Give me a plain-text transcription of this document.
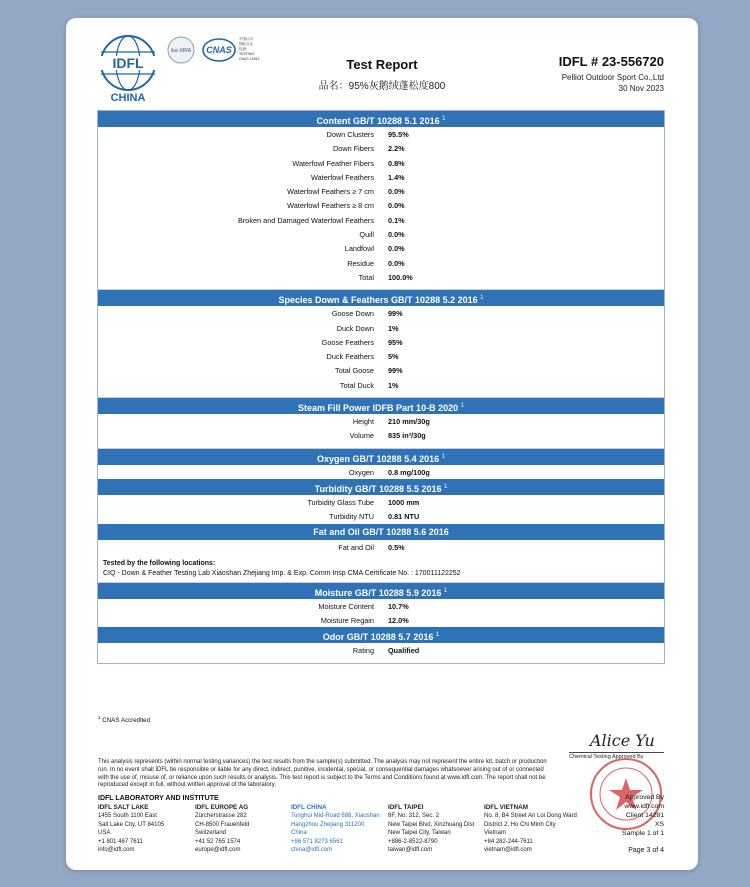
IDFL
CHINA
ilac-MRA CNAS
中国认可
国际互认
检测
TESTING
CNAS L6943	Test Report
品名：95%灰鹅绒蓬松度800
IDFL # 23-556720
Pelliot Outdoor Sport Co.,Ltd
30 Nov 2023
Content GB/T 10288 5.1 2016 $^1$
Down Clusters 95.5%
Down Fibers 2.2%
Waterfowl Feather Fibers 0.8%
Waterfowl Feathers 1.4%
Waterfowl Feathers ≥ 7 cm 0.0%
Waterfowl Feathers ≥ 8 cm 0.0%
Broken and Damaged Waterfowl Feathers 0.1%
Quill 0.0%
Landfowl 0.0%
Residue 0.0%
Total 100.0%
Species Down & Feathers GB/T 10288 5.2 2016 $^1$
Goose Down 99%
Duck Down 1%
Goose Feathers 95%
Duck Feathers 5%
Total Goose 99%
Total Duck 1%
Steam Fill Power IDFB Part 10-B 2020 $^1$
Height 210 mm/30g
Volume 835 in³/30g
Oxygen GB/T 10288 5.4 2016 $^1$
Oxygen 0.8 mg/100g
Turbidity GB/T 10288 5.5 2016 $^1$
Turbidity Glass Tube 1000 mm
Turbidity NTU 0.81 NTU
Fat and Oil GB/T 10288 5.6 2016
Fat and Oil 0.5%
Tested by the following locations:
CIQ - Down & Feather Testing Lab Xiaoshan Zhejiang Imp. & Exp. Comm Insp CMA Certificate No. : 170011122252
Moisture GB/T 10288 5.9 2016 $^1$
Moisture Content 10.7%
Moisture Regain 12.0%
Odor GB/T 10288 5.7 2016 $^1$
Rating Qualified
$^1$ CNAS Accredited
Alice Yu
Chemical Testing Approved By
This analysis represents (within normal testing variances) the test results from the sample(s) submitted. The analysis may not represent the entire lot, batch or production run. In no event shall IDFL be responsible or liable for any direct, indirect, punitive, incidental, special, or consequential damages whatsoever arising out of or connected with the use of, misuse of, or reliance upon such results or analysis. This test report is subject to the Terms and Conditions found at www.idfl.com. The report shall not be reproduced except in full, without written approval of the laboratory.
IDFL LABORATORY AND INSTITUTE
IDFL SALT LAKE
1455 South 1100 East
Salt Lake City, UT 84105
USA
+1 801 467 7611
info@idfl.com
IDFL EUROPE AG
Zürcherstrasse 282
CH-8500 Frauenfeld
Switzerland
+41 52 765 1574
europe@idfl.com
IDFL CHINA
Tonghui Mid-Road 688, Xiaoshan
Hangzhou Zhejiang 311200
China
+86 571 8273 6561
china@idfl.com
IDFL TAIPEI
8F, No. 312, Sec. 2
New Taipei Blvd, Xinzhuang Dist
New Taipei City, Taiwan
+886-2-8522-8790
taiwan@idfl.com
IDFL VIETNAM
No. 8, B4 Street An Loi Dong Ward
District 2, Ho Chi Minh City
Vietnam
+84 282-244-7611
vietnam@idfl.com
Approved By
www.idfl.com
Client 14281
XS
Sample 1 of 1
Page 3 of 4
